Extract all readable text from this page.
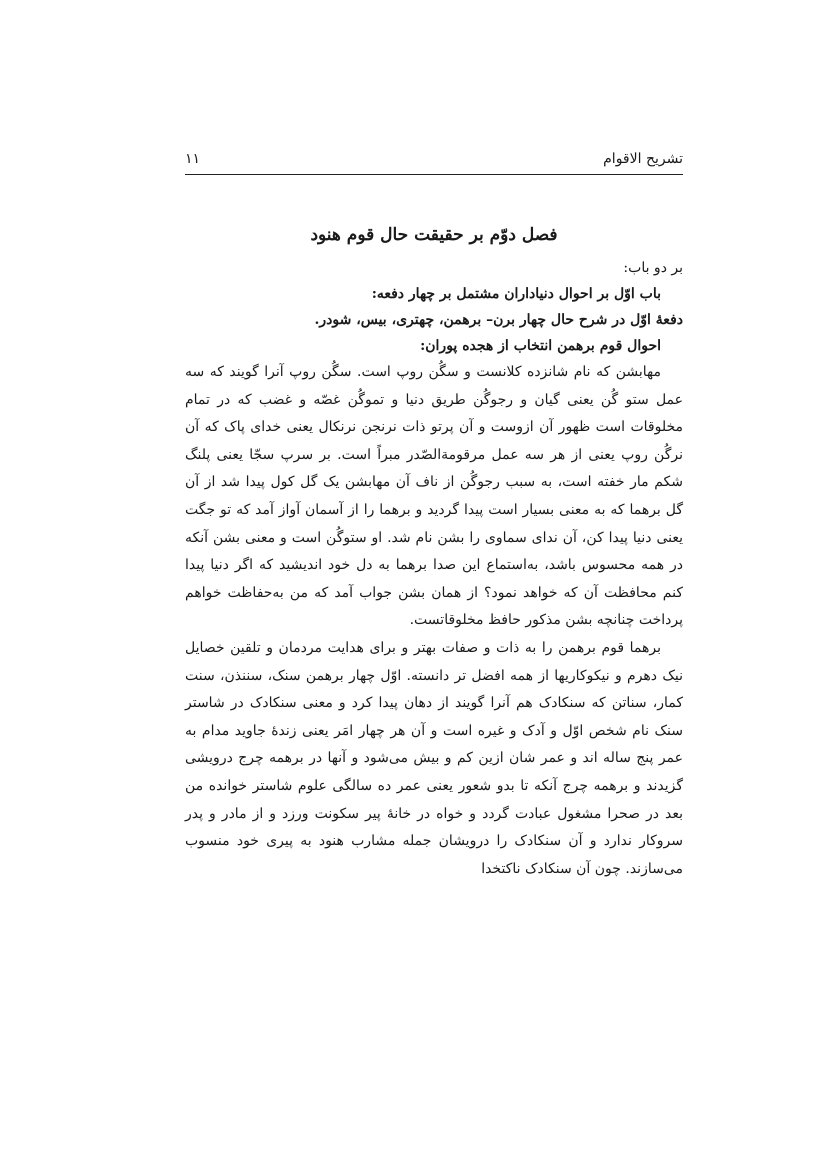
تشریح الاقوام
۱۱
فصل دوّم بر حقیقت حال قوم هنود
بر دو باب:
باب اوّل بر احوال دنیاداران مشتمل بر چهار دفعه:
دفعهٔ اوّل در شرح حال چهار برن– برهمن، چهتری، بیس، شودر.
احوال قوم برهمن انتخاب از هجده پوران:

مهابشن که نام شانزده کلانست و سگُن روپ است. سگُن روپ آنرا گویند که سه عمل ستو گُن یعنی گیان و رجوگُن طریق دنیا و تموگُن غصّه و غضب که در تمام مخلوقات است ظهور آن ازوست و آن پرتو ذات نرنجن نرنکال یعنی خدای پاک که آن نرگُن روپ یعنی از هر سه عمل مرقومةالصّدر مبراً است. بر سرپ سجّا یعنی پلنگ شکم مار خفته است، به سبب رجوگُن از ناف آن مهابشن یک گل کول پیدا شد از آن گل برهما که به معنی بسیار است پیدا گردید و برهما را از آسمان آواز آمد که تو جگت یعنی دنیا پیدا کن، آن ندای سماوی را بشن نام شد. او ستوگُن است و معنی بشن آنکه در همه محسوس باشد، به‌استماع این صدا برهما به دل خود اندیشید که اگر دنیا پیدا کنم محافظت آن که خواهد نمود؟ از همان بشن جواب آمد که من به‌حفاظت خواهم پرداخت چنانچه بشن مذکور حافظ مخلوقاتست.

برهما قوم برهمن را به ذات و صفات بهتر و برای هدایت مردمان و تلقین خصایل نیک دهرم و نیکوکاریها از همه افضل تر دانسته. اوّل چهار برهمن سنک، سننذن، سنت کمار، سناتن که سنکادک هم آنرا گویند از دهان پیدا کرد و معنی سنکادک در شاستر سنک نام شخص اوّل و آدک و غیره است و آن هر چهار امَر یعنی زندهٔ جاوید مدام به عمر پنج ساله اند و عمر شان ازین کم و بیش می‌شود و آنها در برهمه چرج درویشی گزیدند و برهمه چرج آنکه تا بدو شعور یعنی عمر ده سالگی علوم شاستر خوانده من بعد در صحرا مشغول عبادت گردد و خواه در خانهٔ پیر سکونت ورزد و از مادر و پدر سروکار ندارد و آن سنکادک را درویشان جمله مشارب هنود به پیری خود منسوب می‌سازند. چون آن سنکادک ناکتخدا
